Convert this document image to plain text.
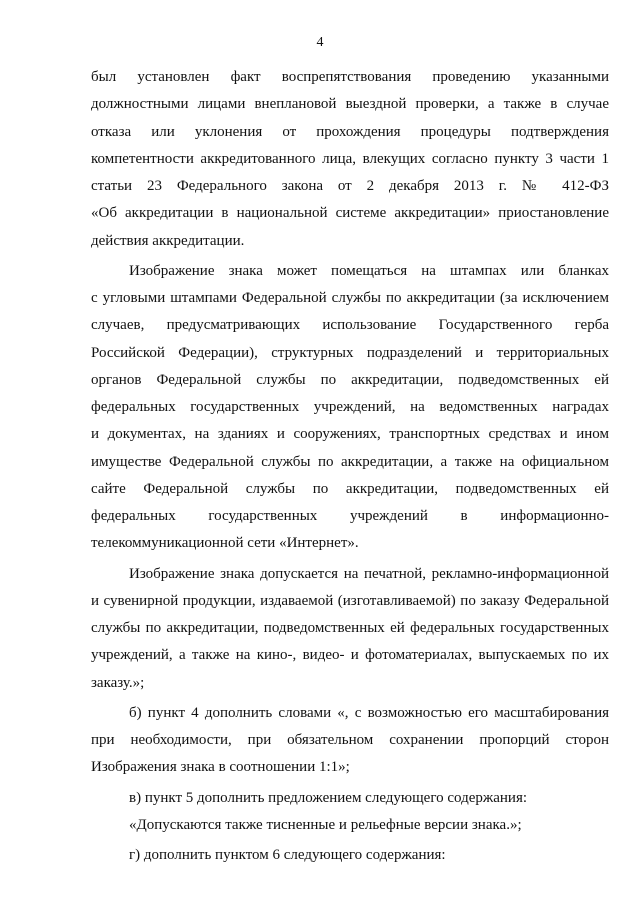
4
был установлен факт воспрепятствования проведению указанными
должностными лицами внеплановой выездной проверки, а также в случае
отказа или уклонения от прохождения процедуры подтверждения
компетентности аккредитованного лица, влекущих согласно пункту 3 части 1
статьи 23 Федерального закона от 2 декабря 2013 г. № 412-ФЗ
«Об аккредитации в национальной системе аккредитации» приостановление
действия аккредитации.
Изображение знака может помещаться на штампах или бланках
с угловыми штампами Федеральной службы по аккредитации (за исключением
случаев, предусматривающих использование Государственного герба
Российской Федерации), структурных подразделений и территориальных
органов Федеральной службы по аккредитации, подведомственных ей
федеральных государственных учреждений, на ведомственных наградах
и документах, на зданиях и сооружениях, транспортных средствах и ином
имуществе Федеральной службы по аккредитации, а также на официальном
сайте Федеральной службы по аккредитации, подведомственных ей
федеральных государственных учреждений в информационно-
телекоммуникационной сети «Интернет».
Изображение знака допускается на печатной, рекламно-информационной
и сувенирной продукции, издаваемой (изготавливаемой) по заказу Федеральной
службы по аккредитации, подведомственных ей федеральных государственных
учреждений, а также на кино-, видео- и фотоматериалах, выпускаемых по их
заказу.»;
б) пункт 4 дополнить словами «, с возможностью его масштабирования
при необходимости, при обязательном сохранении пропорций сторон
Изображения знака в соотношении 1:1»;
в) пункт 5 дополнить предложением следующего содержания:
«Допускаются также тисненные и рельефные версии знака.»;
г) дополнить пунктом 6 следующего содержания:
